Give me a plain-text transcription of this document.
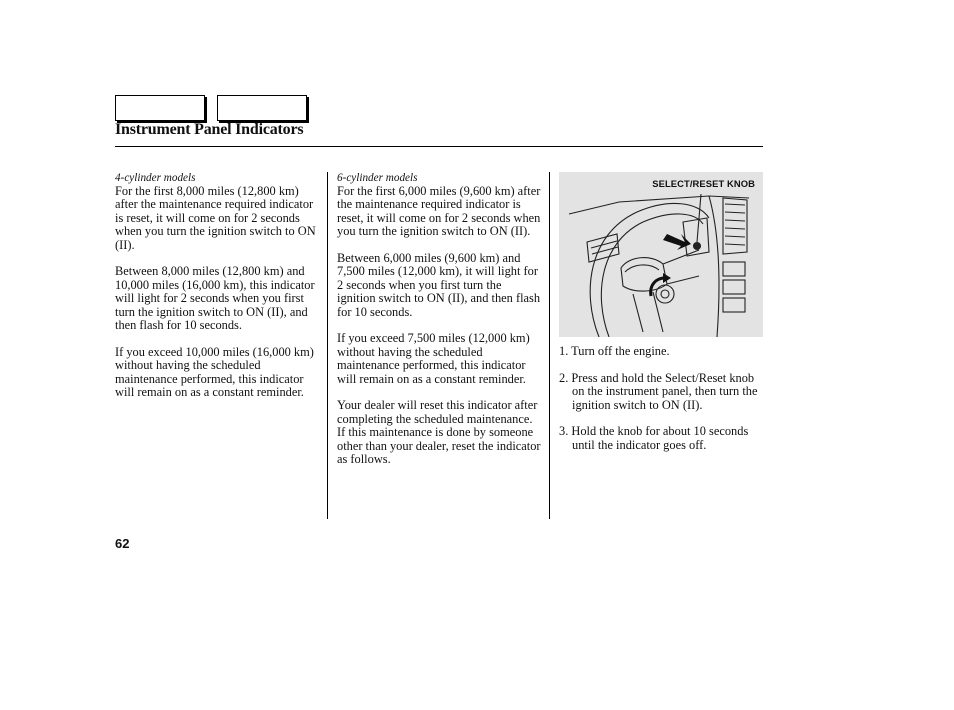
Instrument Panel Indicators
4-cylinder models

For the first 8,000 miles (12,800 km) after the maintenance required indicator is reset, it will come on for 2 seconds when you turn the ignition switch to ON (II).

Between 8,000 miles (12,800 km) and 10,000 miles (16,000 km), this indicator will light for 2 seconds when you first turn the ignition switch to ON (II), and then flash for 10 seconds.

If you exceed 10,000 miles (16,000 km) without having the scheduled maintenance performed, this indicator will remain on as a constant reminder.

6-cylinder models

For the first 6,000 miles (9,600 km) after the maintenance required indicator is reset, it will come on for 2 seconds when you turn the ignition switch to ON (II).

Between 6,000 miles (9,600 km) and 7,500 miles (12,000 km), it will light for 2 seconds when you first turn the ignition switch to ON (II), and then flash for 10 seconds.

If you exceed 7,500 miles (12,000 km) without having the scheduled maintenance performed, this indicator will remain on as a constant reminder.

Your dealer will reset this indicator after completing the scheduled maintenance. If this maintenance is done by someone other than your dealer, reset the indicator as follows.

SELECT/RESET KNOB

1. Turn off the engine.

2. Press and hold the Select/Reset knob on the instrument panel, then turn the ignition switch to ON (II).

3. Hold the knob for about 10 seconds until the indicator goes off.

62
